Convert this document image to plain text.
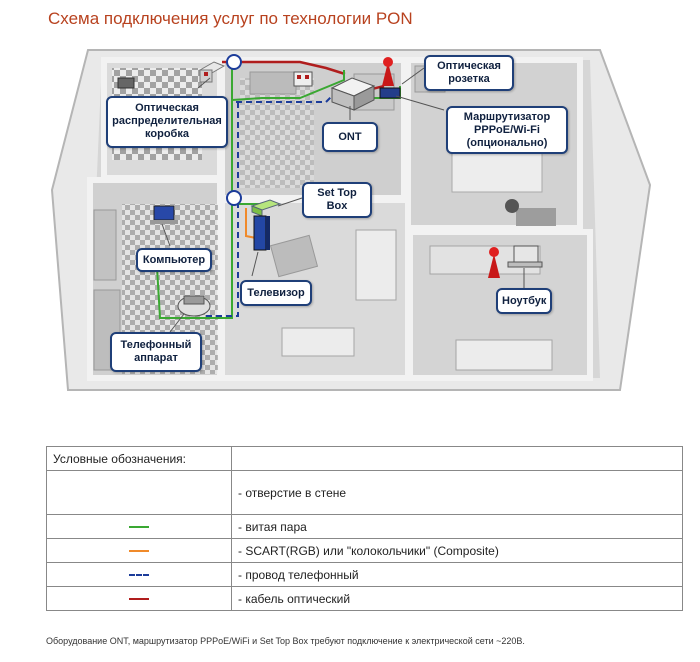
Схема подключения услуг по технологии PON
Оптическая распределительная коробка
Оптическая розетка
ONT
Маршрутизатор PPPoE/Wi-Fi (опционально)
Set Top Box
Компьютер
Телевизор
Ноутбук
Телефонный аппарат
Условные обозначения:	
	- отверстие в стене

	- витая пара

	- SCART(RGB) или "колокольчики" (Composite)

	- провод телефонный

	- кабель оптический
Оборудование ONT, маршрутизатор PPPoE/WiFi и Set Top Box требуют подключение к электрической сети ~220В.
